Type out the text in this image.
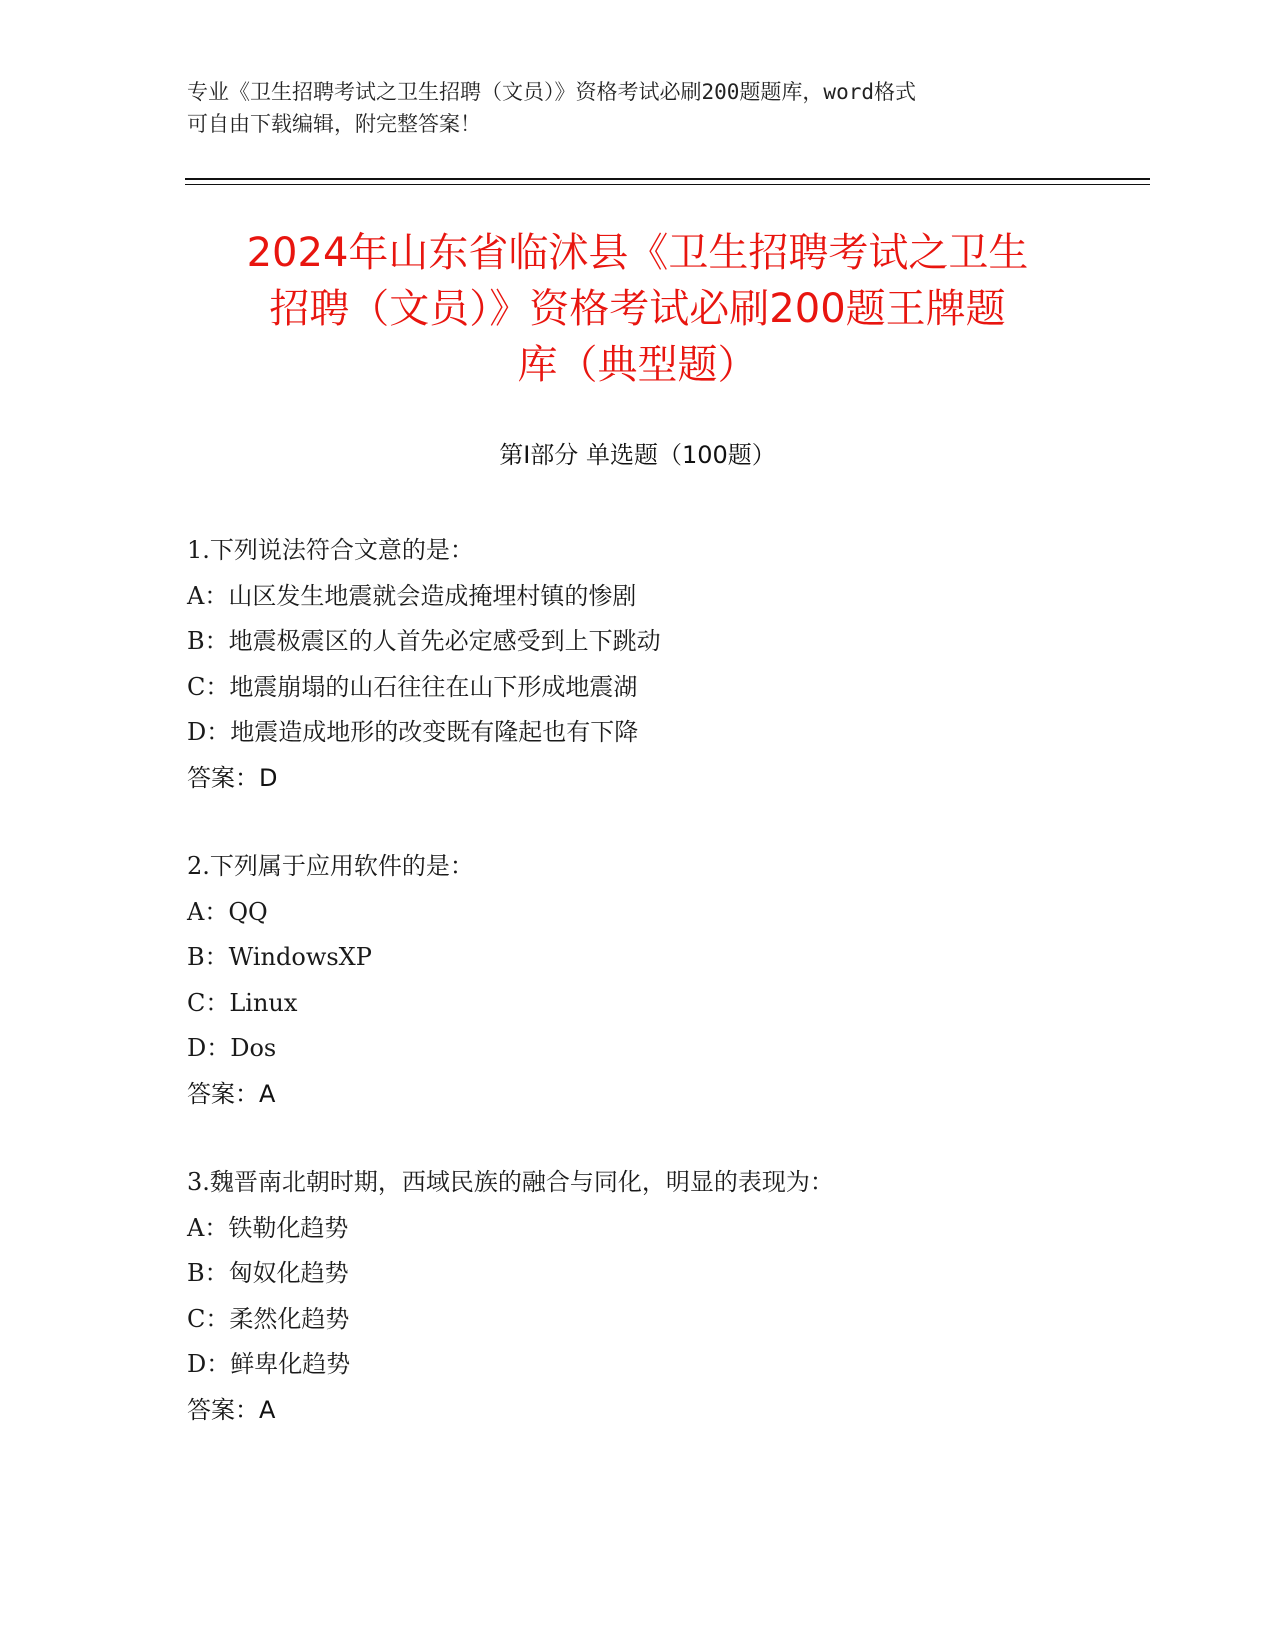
专业《卫生招聘考试之卫生招聘（文员）》资格考试必刷200题题库，word格式
可自由下载编辑，附完整答案！
2024年山东省临沭县《卫生招聘考试之卫生
招聘（文员）》资格考试必刷200题王牌题
库（典型题）
第Ⅰ部分 单选题（100题）
1.下列说法符合文意的是：
A：山区发生地震就会造成掩埋村镇的惨剧
B：地震极震区的人首先必定感受到上下跳动
C：地震崩塌的山石往往在山下形成地震湖
D：地震造成地形的改变既有隆起也有下降
答案：D
2.下列属于应用软件的是：
A：QQ
B：WindowsXP
C：Linux
D：Dos
答案：A
3.魏晋南北朝时期，西域民族的融合与同化，明显的表现为：
A：铁勒化趋势
B：匈奴化趋势
C：柔然化趋势
D：鲜卑化趋势
答案：A
